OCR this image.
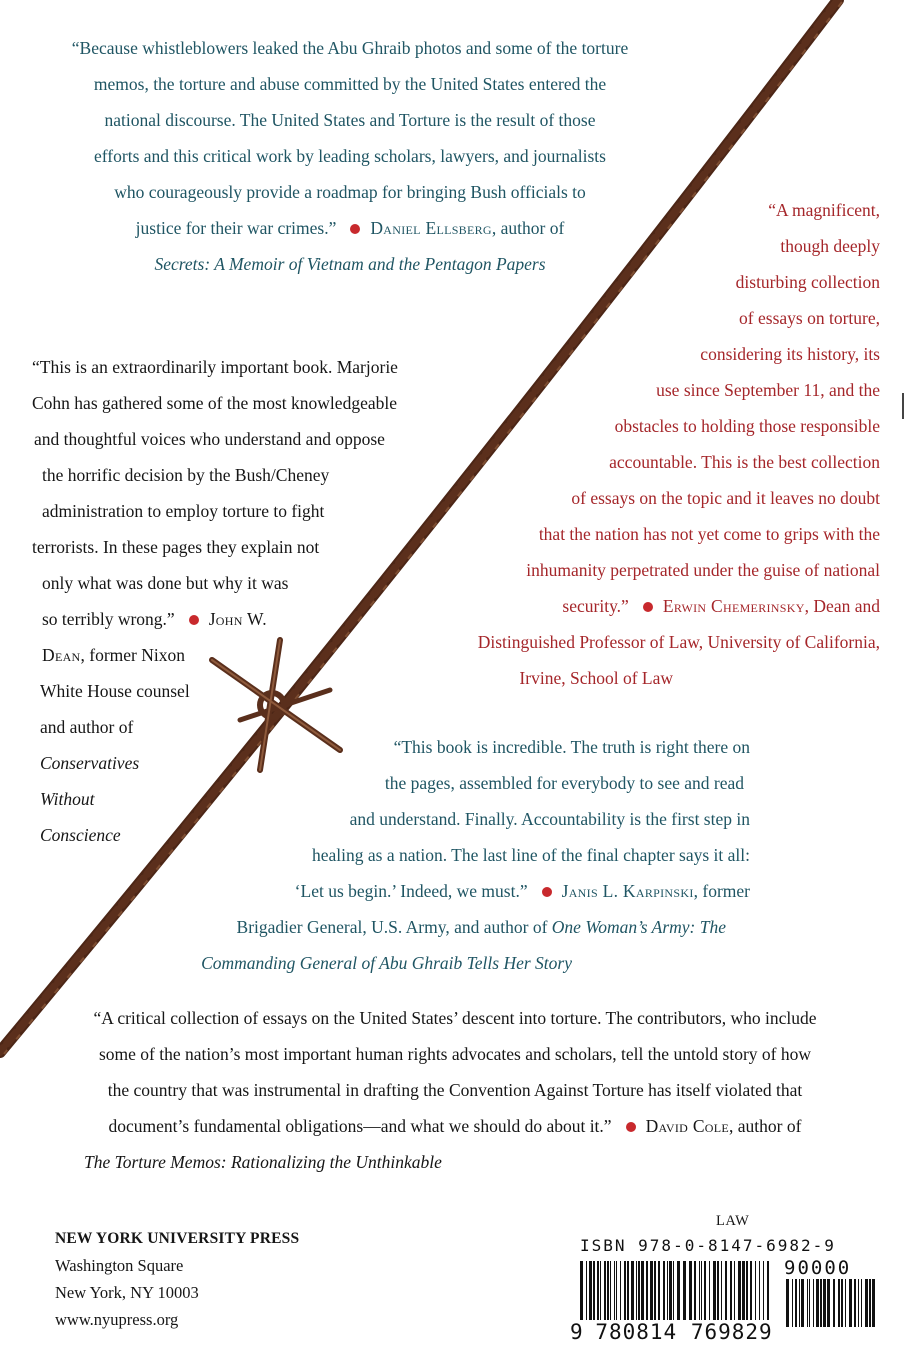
“Because whistleblowers leaked the Abu Ghraib photos and some of the torture
memos, the torture and abuse committed by the United States entered the
national discourse. The United States and Torture is the result of those
efforts and this critical work by leading scholars, lawyers, and journalists
who courageously provide a roadmap for bringing Bush officials to
justice for their war crimes.” Daniel Ellsberg, author of
Secrets: A Memoir of Vietnam and the Pentagon Papers
“A magnificent,
though deeply
disturbing collection
of essays on torture,
considering its history, its
use since September 11, and the
obstacles to holding those responsible
accountable. This is the best collection
of essays on the topic and it leaves no doubt
that the nation has not yet come to grips with the
inhumanity perpetrated under the guise of national
security.” Erwin Chemerinsky, Dean and
Distinguished Professor of Law, University of California,
Irvine, School of Law
“This is an extraordinarily important book. Marjorie
Cohn has gathered some of the most knowledgeable
and thoughtful voices who understand and oppose
the horrific decision by the Bush/Cheney
administration to employ torture to fight
terrorists. In these pages they explain not
only what was done but why it was
so terribly wrong.” John W.
Dean, former Nixon
White House counsel
and author of
Conservatives
Without
Conscience
“This book is incredible. The truth is right there on
the pages, assembled for everybody to see and read
and understand. Finally. Accountability is the first step in
healing as a nation. The last line of the final chapter says it all:
‘Let us begin.’ Indeed, we must.” Janis L. Karpinski, former
Brigadier General, U.S. Army, and author of One Woman’s Army: The
Commanding General of Abu Ghraib Tells Her Story
“A critical collection of essays on the United States’ descent into torture. The contributors, who include
some of the nation’s most important human rights advocates and scholars, tell the untold story of how
the country that was instrumental in drafting the Convention Against Torture has itself violated that
document’s fundamental obligations—and what we should do about it.” David Cole, author of
The Torture Memos: Rationalizing the Unthinkable
NEW YORK UNIVERSITY PRESS
Washington Square
New York, NY 10003
www.nyupress.org
LAW
ISBN 978-0-8147-6982-9
90000
9 780814 769829
